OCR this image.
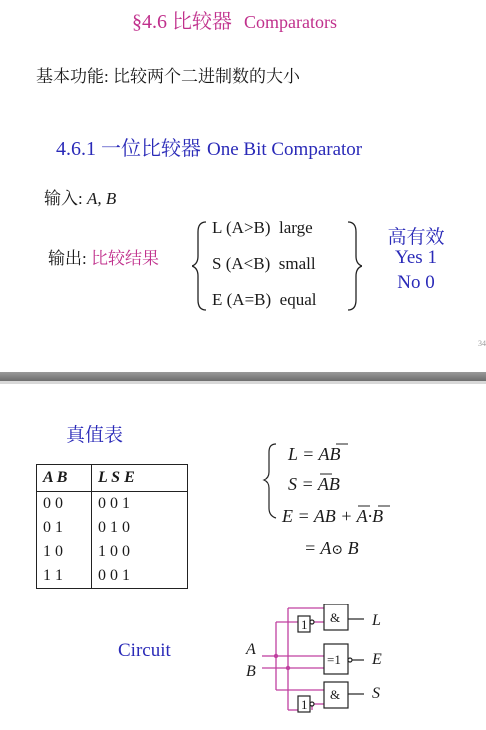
§4.6 比较器 Comparators
基本功能: 比较两个二进制数的大小
4.6.1 一位比较器 One Bit Comparator
输入: A, B
输出: 比较结果
L (A>B) large
S (A<B) small
E (A=B) equal
高有效
Yes 1
No 0
34
真值表
A B	L S E
0 0	0 0 1
0 1	0 1 0
1 0	1 0 0
1 1	0 0 1
L = AB
S = AB
E = AB + A·B
= A⊙ B
Circuit
1 &
=1
&
1
A
B
L
E
S
